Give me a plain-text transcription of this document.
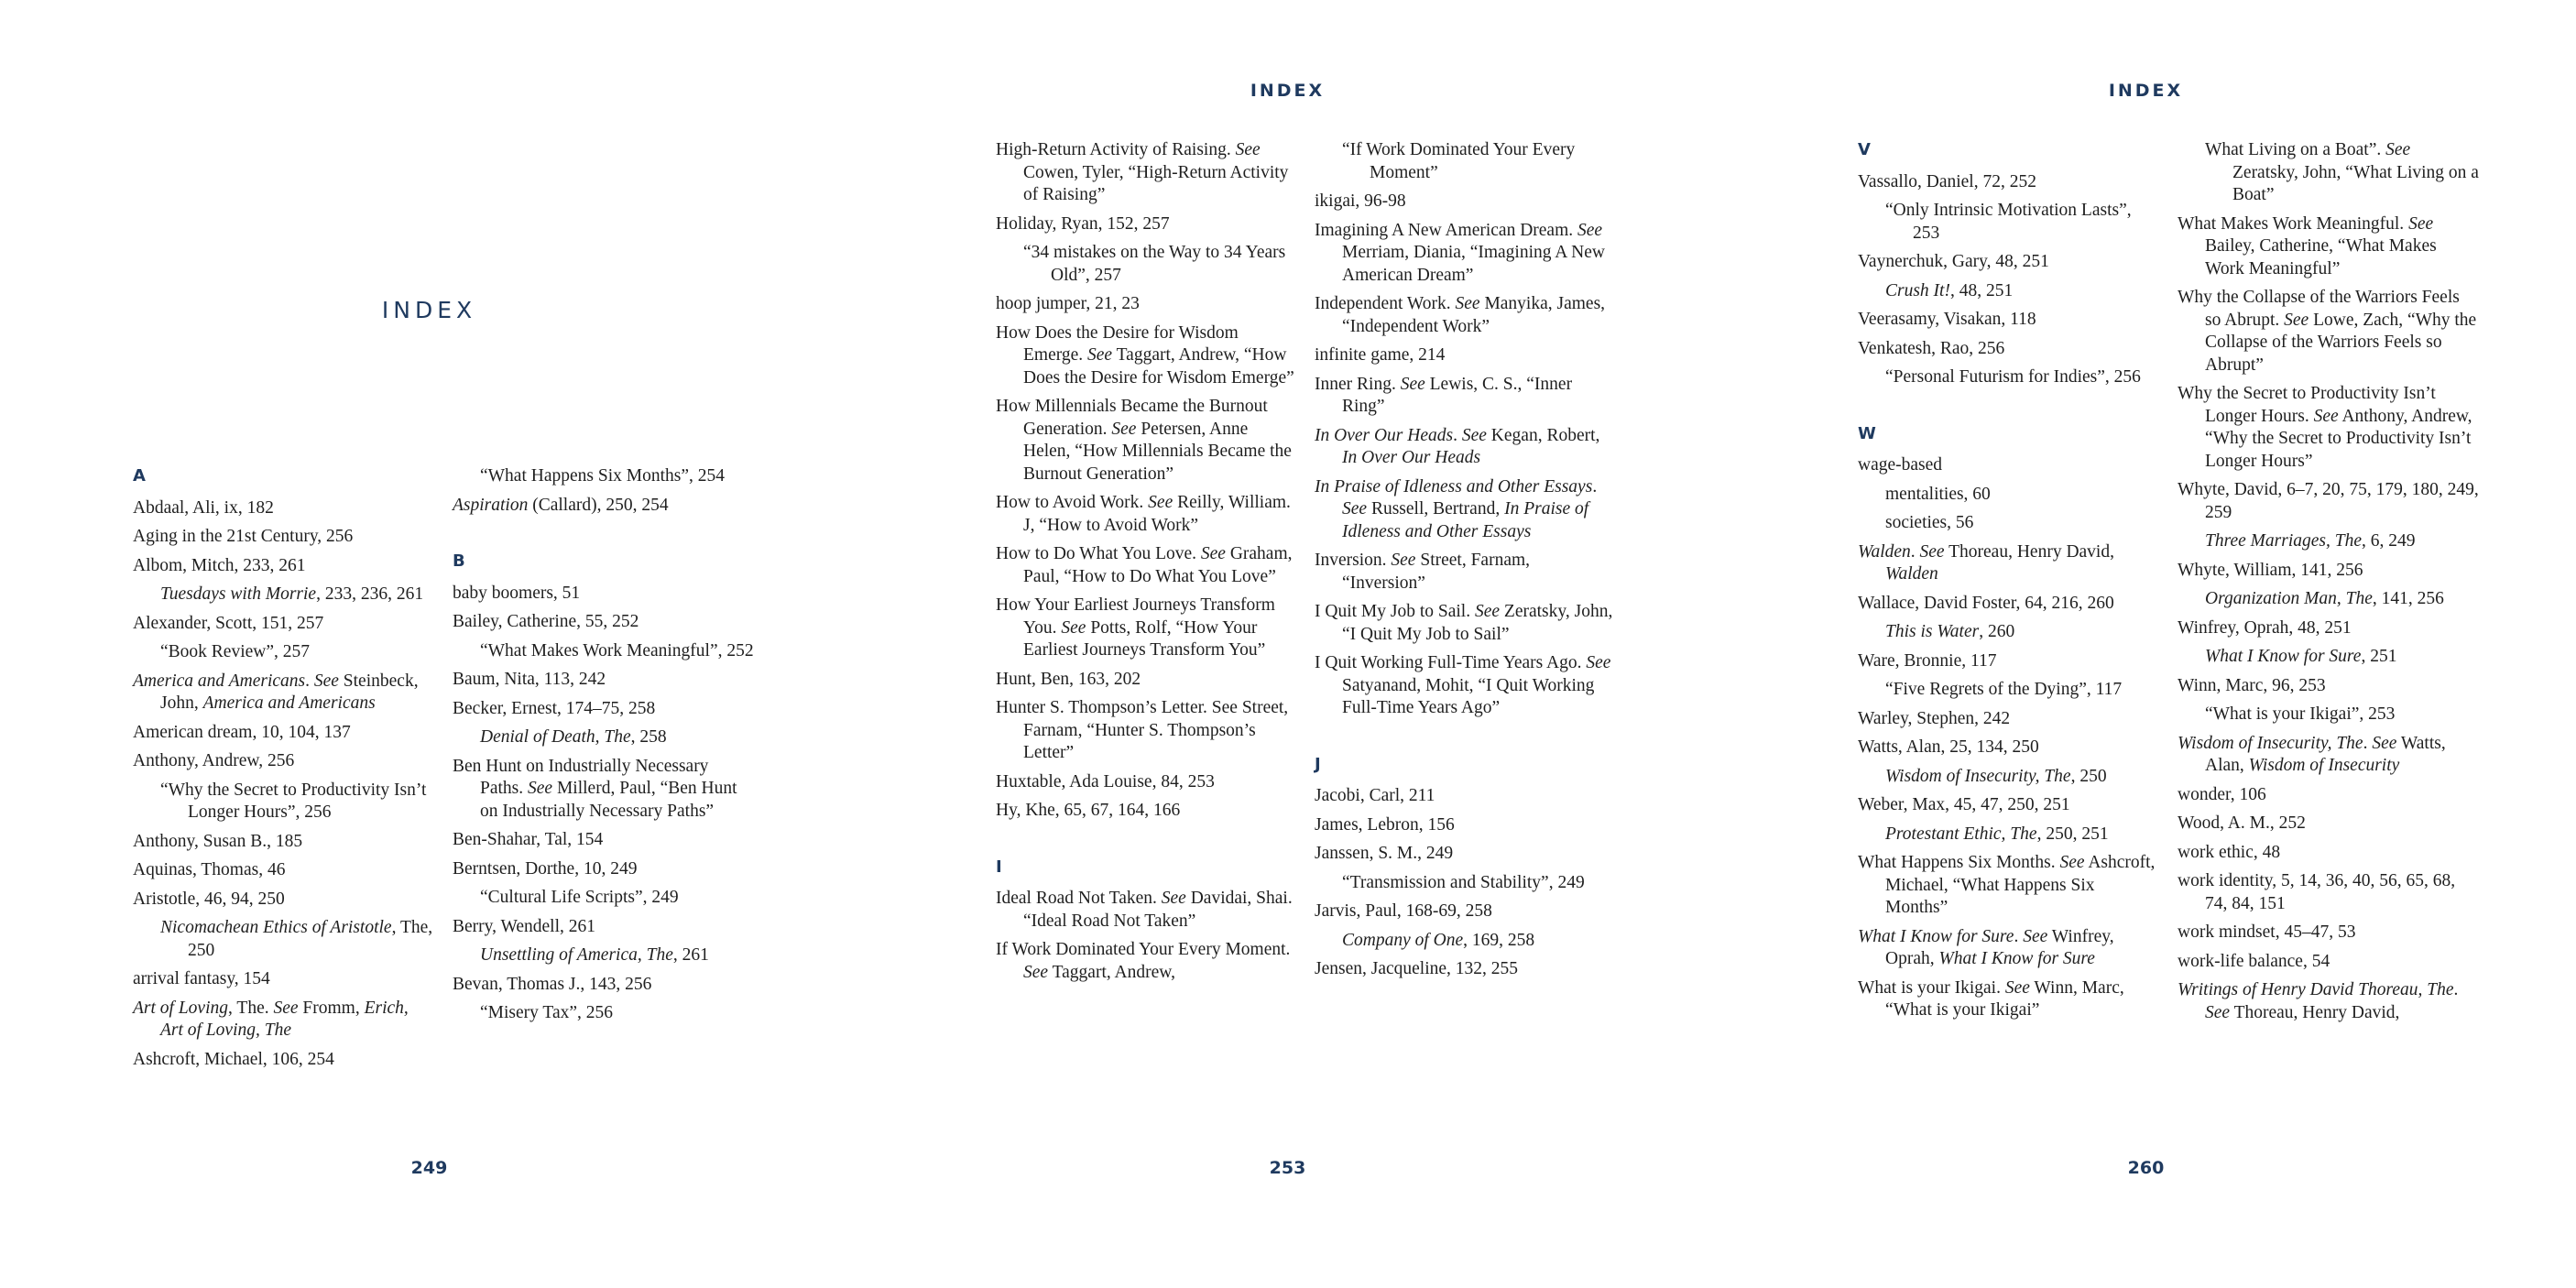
INDEX
A
Abdaal, Ali, ix, 182
Aging in the 21st Century, 256
Albom, Mitch, 233, 261
Tuesdays with Morrie, 233, 236, 261
Alexander, Scott, 151, 257
“Book Review”, 257
America and Americans. See Steinbeck, John, America and Americans
American dream, 10, 104, 137
Anthony, Andrew, 256
“Why the Secret to Productivity Isn’t Longer Hours”, 256
Anthony, Susan B., 185
Aquinas, Thomas, 46
Aristotle, 46, 94, 250
Nicomachean Ethics of Aristotle, The, 250
arrival fantasy, 154
Art of Loving, The. See Fromm, Erich, Art of Loving, The
Ashcroft, Michael, 106, 254
“What Happens Six Months”, 254
Aspiration (Callard), 250, 254
B
baby boomers, 51
Bailey, Catherine, 55, 252
“What Makes Work Meaningful”, 252
Baum, Nita, 113, 242
Becker, Ernest, 174–75, 258
Denial of Death, The, 258
Ben Hunt on Industrially Necessary Paths. See Millerd, Paul, “Ben Hunt on Industrially Necessary Paths”
Ben-Shahar, Tal, 154
Berntsen, Dorthe, 10, 249
“Cultural Life Scripts”, 249
Berry, Wendell, 261
Unsettling of America, The, 261
Bevan, Thomas J., 143, 256
“Misery Tax”, 256
249
INDEX
High-Return Activity of Raising. See Cowen, Tyler, “High-Return Activity of Raising”
Holiday, Ryan, 152, 257
“34 mistakes on the Way to 34 Years Old”, 257
hoop jumper, 21, 23
How Does the Desire for Wisdom Emerge. See Taggart, Andrew, “How Does the Desire for Wisdom Emerge”
How Millennials Became the Burnout Generation. See Petersen, Anne Helen, “How Millennials Became the Burnout Generation”
How to Avoid Work. See Reilly, William. J, “How to Avoid Work”
How to Do What You Love. See Graham, Paul, “How to Do What You Love”
How Your Earliest Journeys Transform You. See Potts, Rolf, “How Your Earliest Journeys Transform You”
Hunt, Ben, 163, 202
Hunter S. Thompson’s Letter. See Street, Farnam, “Hunter S. Thompson’s Letter”
Huxtable, Ada Louise, 84, 253
Hy, Khe, 65, 67, 164, 166
I
Ideal Road Not Taken. See Davidai, Shai. “Ideal Road Not Taken”
If Work Dominated Your Every Moment. See Taggart, Andrew,
“If Work Dominated Your Every Moment”
ikigai, 96-98
Imagining A New American Dream. See Merriam, Diania, “Imagining A New American Dream”
Independent Work. See Manyika, James, “Independent Work”
infinite game, 214
Inner Ring. See Lewis, C. S., “Inner Ring”
In Over Our Heads. See Kegan, Robert, In Over Our Heads
In Praise of Idleness and Other Essays. See Russell, Bertrand, In Praise of Idleness and Other Essays
Inversion. See Street, Farnam, “Inversion”
I Quit My Job to Sail. See Zeratsky, John, “I Quit My Job to Sail”
I Quit Working Full-Time Years Ago. See Satyanand, Mohit, “I Quit Working Full-Time Years Ago”
J
Jacobi, Carl, 211
James, Lebron, 156
Janssen, S. M., 249
“Transmission and Stability”, 249
Jarvis, Paul, 168-69, 258
Company of One, 169, 258
Jensen, Jacqueline, 132, 255
253
INDEX
V
Vassallo, Daniel, 72, 252
“Only Intrinsic Motivation Lasts”, 253
Vaynerchuk, Gary, 48, 251
Crush It!, 48, 251
Veerasamy, Visakan, 118
Venkatesh, Rao, 256
“Personal Futurism for Indies”, 256
W
wage-based
mentalities, 60
societies, 56
Walden. See Thoreau, Henry David, Walden
Wallace, David Foster, 64, 216, 260
This is Water, 260
Ware, Bronnie, 117
“Five Regrets of the Dying”, 117
Warley, Stephen, 242
Watts, Alan, 25, 134, 250
Wisdom of Insecurity, The, 250
Weber, Max, 45, 47, 250, 251
Protestant Ethic, The, 250, 251
What Happens Six Months. See Ashcroft, Michael, “What Happens Six Months”
What I Know for Sure. See Winfrey, Oprah, What I Know for Sure
What is your Ikigai. See Winn, Marc, “What is your Ikigai”
What Living on a Boat”. See Zeratsky, John, “What Living on a Boat”
What Makes Work Meaningful. See Bailey, Catherine, “What Makes Work Meaningful”
Why the Collapse of the Warriors Feels so Abrupt. See Lowe, Zach, “Why the Collapse of the Warriors Feels so Abrupt”
Why the Secret to Productivity Isn’t Longer Hours. See Anthony, Andrew, “Why the Secret to Productivity Isn’t Longer Hours”
Whyte, David, 6–7, 20, 75, 179, 180, 249, 259
Three Marriages, The, 6, 249
Whyte, William, 141, 256
Organization Man, The, 141, 256
Winfrey, Oprah, 48, 251
What I Know for Sure, 251
Winn, Marc, 96, 253
“What is your Ikigai”, 253
Wisdom of Insecurity, The. See Watts, Alan, Wisdom of Insecurity
wonder, 106
Wood, A. M., 252
work ethic, 48
work identity, 5, 14, 36, 40, 56, 65, 68, 74, 84, 151
work mindset, 45–47, 53
work-life balance, 54
Writings of Henry David Thoreau, The. See Thoreau, Henry David,
260
